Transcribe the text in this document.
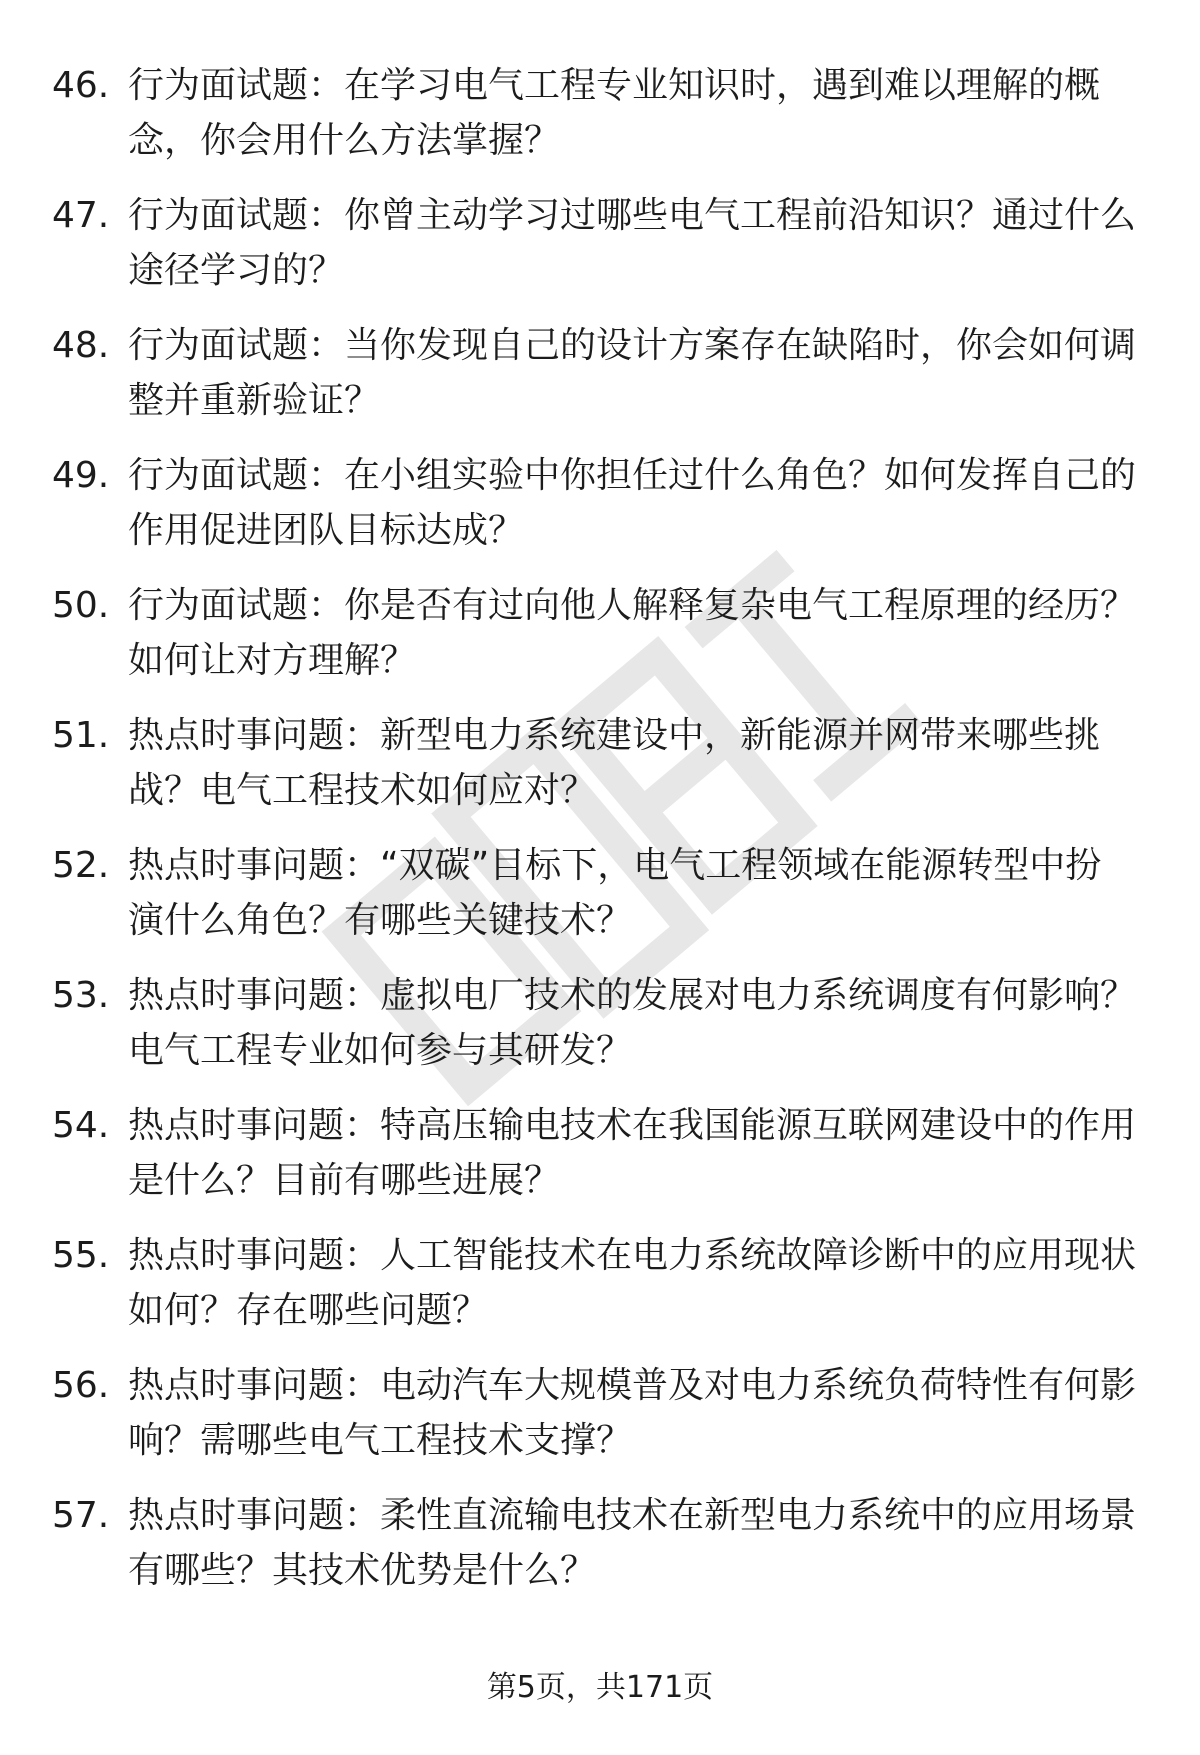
46. 行为面试题：在学习电气工程专业知识时，遇到难以理解的概
念，你会用什么方法掌握？
47. 行为面试题：你曾主动学习过哪些电气工程前沿知识？通过什么
途径学习的？
48. 行为面试题：当你发现自己的设计方案存在缺陷时，你会如何调
整并重新验证？
49. 行为面试题：在小组实验中你担任过什么角色？如何发挥自己的
作用促进团队目标达成？
50. 行为面试题：你是否有过向他人解释复杂电气工程原理的经历？
如何让对方理解？
51. 热点时事问题：新型电力系统建设中，新能源并网带来哪些挑
战？电气工程技术如何应对？
52. 热点时事问题：“双碳”目标下，电气工程领域在能源转型中扮
演什么角色？有哪些关键技术？
53. 热点时事问题：虚拟电厂技术的发展对电力系统调度有何影响？
电气工程专业如何参与其研发？
54. 热点时事问题：特高压输电技术在我国能源互联网建设中的作用
是什么？目前有哪些进展？
55. 热点时事问题：人工智能技术在电力系统故障诊断中的应用现状
如何？存在哪些问题？
56. 热点时事问题：电动汽车大规模普及对电力系统负荷特性有何影
响？需哪些电气工程技术支撑？
57. 热点时事问题：柔性直流输电技术在新型电力系统中的应用场景
有哪些？其技术优势是什么？
第5页，共171页
